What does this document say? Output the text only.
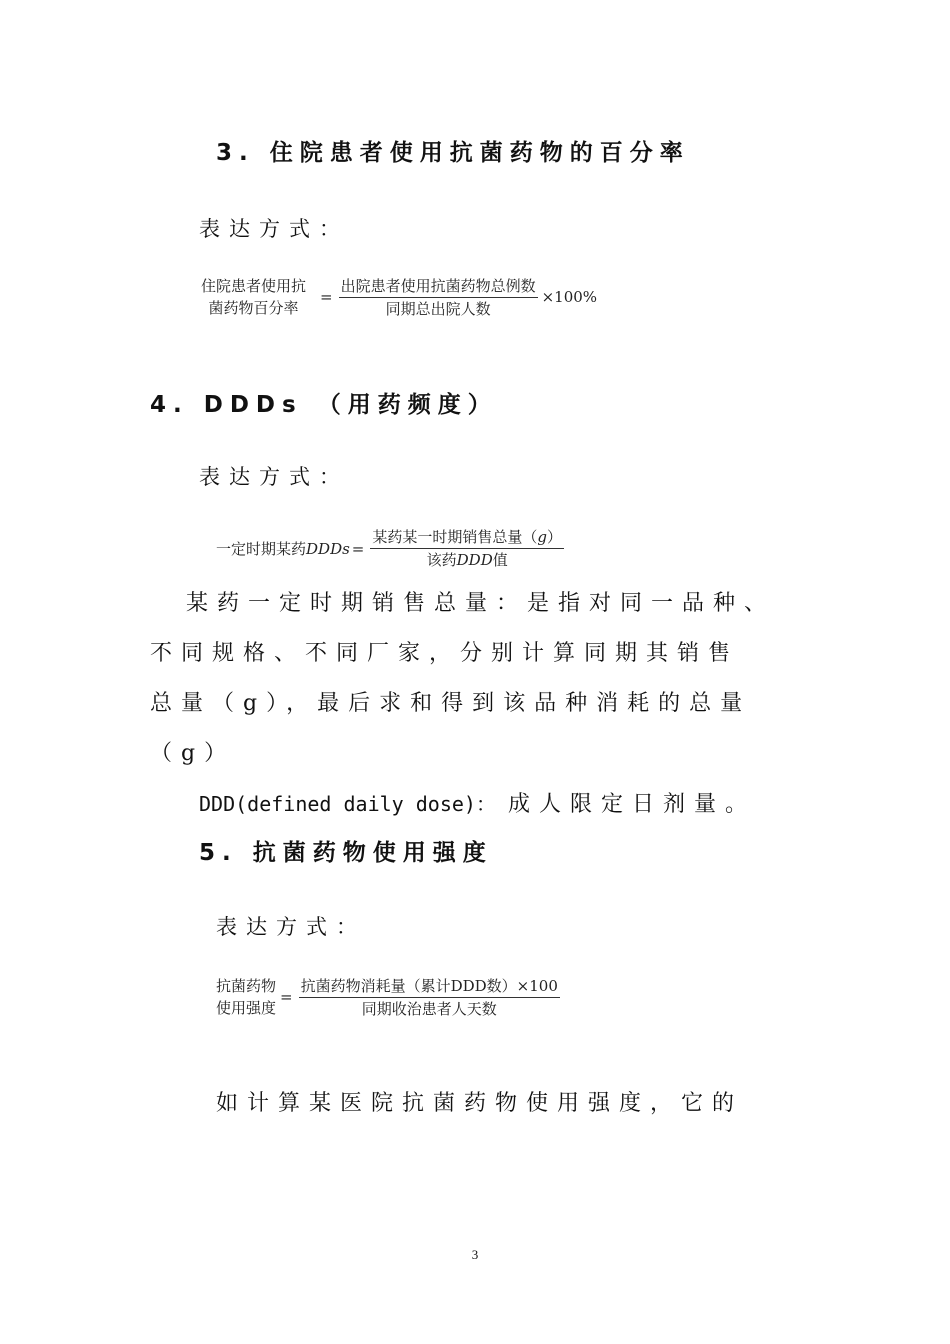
3. 住院患者使用抗菌药物的百分率
表达方式：
住院患者使用抗
菌药物百分率
= $\frac{\text{出院患者使用抗菌药物总例数}}{\text{同期总出院人数}} \times 100\%$
4. DDDs （用药频度）
表达方式：
一定时期某药DDDs = $\frac{\text{某药某一时期销售总量（g）}}{\text{该药DDD值}}$
某药一定时期销售总量：是指对同一品种、
不同规格、不同厂家，分别计算同期其销售
总量（g），最后求和得到该品种消耗的总量
（g）
DDD(defined daily dose)： 成人限定日剂量。
5. 抗菌药物使用强度
表达方式：
抗菌药物
使用强度
= $\frac{\text{抗菌药物消耗量（累计DDD数）×100}}{\text{同期收治患者人天数}}$
如计算某医院抗菌药物使用强度，它的
3
